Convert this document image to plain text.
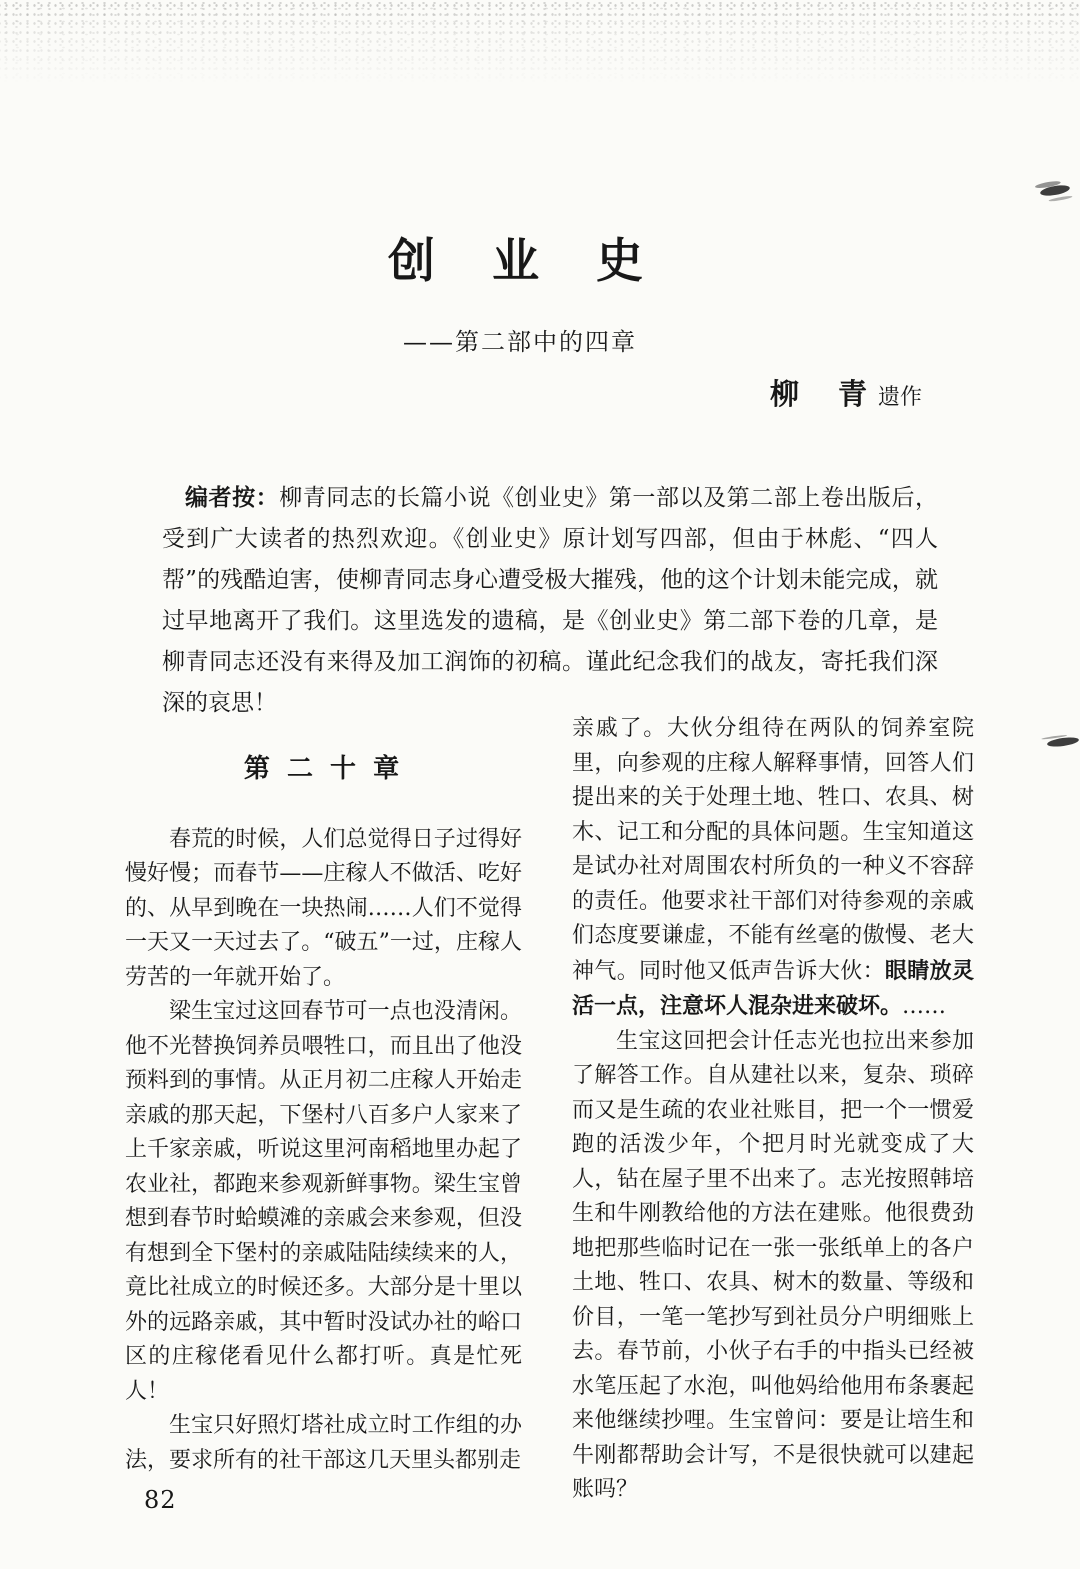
创　业　史
——第二部中的四章
柳　青 遗作

编者按：柳青同志的长篇小说《创业史》第一部以及第二部上卷出版后，受到广大读者的热烈欢迎。《创业史》原计划写四部，但由于林彪、“四人帮”的残酷迫害，使柳青同志身心遭受极大摧残，他的这个计划未能完成，就过早地离开了我们。这里选发的遗稿，是《创业史》第二部下卷的几章，是柳青同志还没有来得及加工润饰的初稿。谨此纪念我们的战友，寄托我们深深的哀思！

第 二 十 章

春荒的时候，人们总觉得日子过得好慢好慢；而春节——庄稼人不做活、吃好的、从早到晚在一块热闹……人们不觉得一天又一天过去了。“破五”一过，庄稼人劳苦的一年就开始了。

梁生宝过这回春节可一点也没清闲。他不光替换饲养员喂牲口，而且出了他没预料到的事情。从正月初二庄稼人开始走亲戚的那天起，下堡村八百多户人家来了上千家亲戚，听说这里河南稻地里办起了农业社，都跑来参观新鲜事物。梁生宝曾想到春节时蛤蟆滩的亲戚会来参观，但没有想到全下堡村的亲戚陆陆续续来的人，竟比社成立的时候还多。大部分是十里以外的远路亲戚，其中暂时没试办社的峪口区的庄稼佬看见什么都打听。真是忙死人！

生宝只好照灯塔社成立时工作组的办法，要求所有的社干部这几天里头都别走

亲戚了。大伙分组待在两队的饲养室院里，向参观的庄稼人解释事情，回答人们提出来的关于处理土地、牲口、农具、树木、记工和分配的具体问题。生宝知道这是试办社对周围农村所负的一种义不容辞的责任。他要求社干部们对待参观的亲戚们态度要谦虚，不能有丝毫的傲慢、老大神气。同时他又低声告诉大伙：眼睛放灵活一点，注意坏人混杂进来破坏。……

生宝这回把会计任志光也拉出来参加了解答工作。自从建社以来，复杂、琐碎而又是生疏的农业社账目，把一个一惯爱跑的活泼少年，个把月时光就变成了大人，钻在屋子里不出来了。志光按照韩培生和牛刚教给他的方法在建账。他很费劲地把那些临时记在一张一张纸单上的各户土地、牲口、农具、树木的数量、等级和价目，一笔一笔抄写到社员分户明细账上去。春节前，小伙子右手的中指头已经被水笔压起了水泡，叫他妈给他用布条裹起来他继续抄哩。生宝曾问：要是让培生和牛刚都帮助会计写，不是很快就可以建起账吗？

82
